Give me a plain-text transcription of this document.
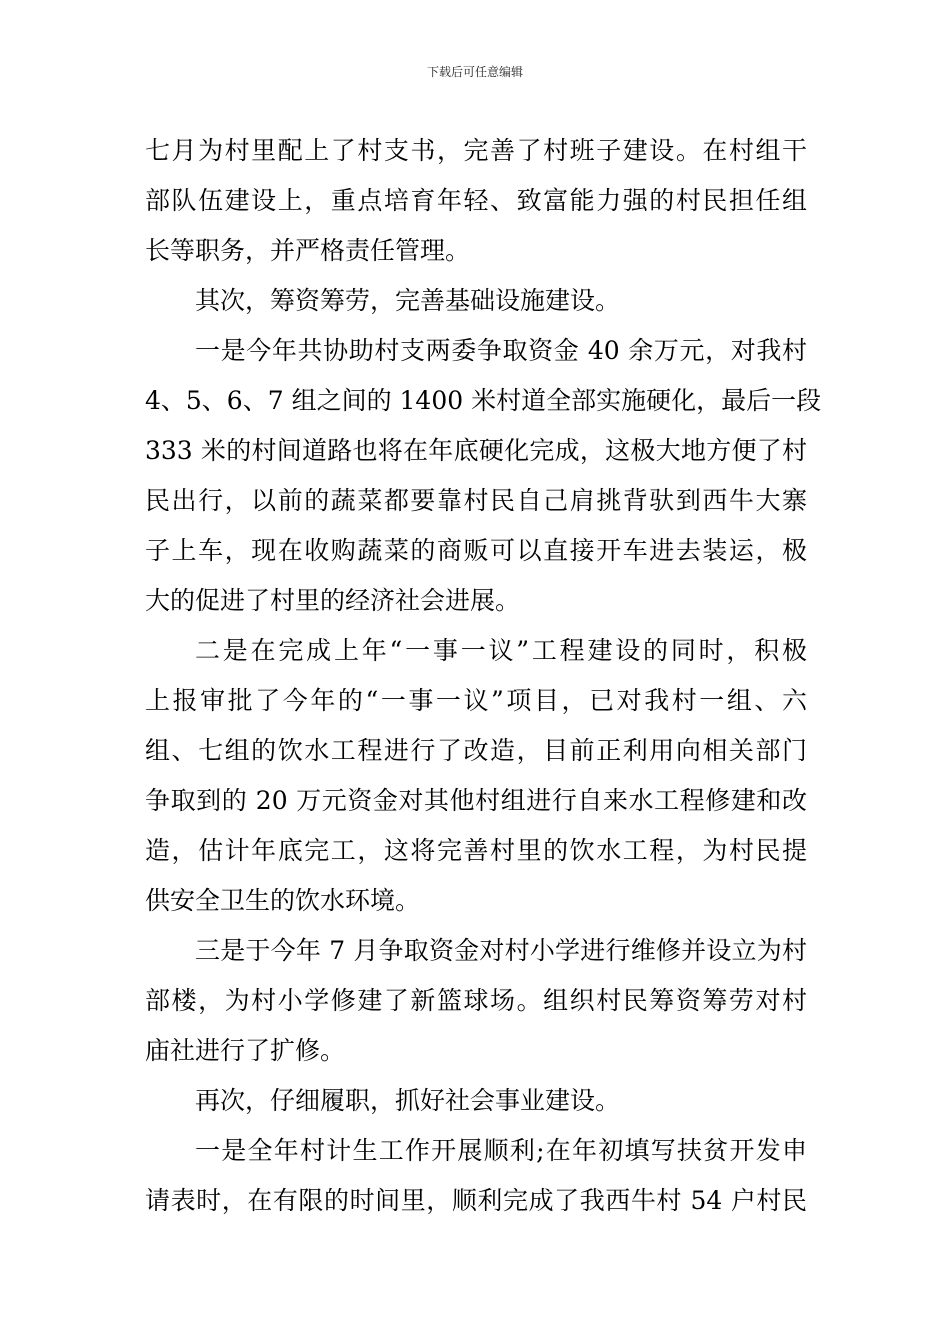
下载后可任意编辑
七月为村里配上了村支书，完善了村班子建设。在村组干
部队伍建设上，重点培育年轻、致富能力强的村民担任组
长等职务，并严格责任管理。
其次，筹资筹劳，完善基础设施建设。
一是今年共协助村支两委争取资金 40 余万元，对我村
4、5、6、7 组之间的 1400 米村道全部实施硬化，最后一段
333 米的村间道路也将在年底硬化完成，这极大地方便了村
民出行，以前的蔬菜都要靠村民自己肩挑背驮到西牛大寨
子上车，现在收购蔬菜的商贩可以直接开车进去装运，极
大的促进了村里的经济社会进展。
二是在完成上年“一事一议”工程建设的同时，积极
上报审批了今年的“一事一议”项目，已对我村一组、六
组、七组的饮水工程进行了改造，目前正利用向相关部门
争取到的 20 万元资金对其他村组进行自来水工程修建和改
造，估计年底完工，这将完善村里的饮水工程，为村民提
供安全卫生的饮水环境。
三是于今年 7 月争取资金对村小学进行维修并设立为村
部楼，为村小学修建了新篮球场。组织村民筹资筹劳对村
庙社进行了扩修。
再次，仔细履职，抓好社会事业建设。
一是全年村计生工作开展顺利;在年初填写扶贫开发申
请表时，在有限的时间里，顺利完成了我西牛村 54 户村民
